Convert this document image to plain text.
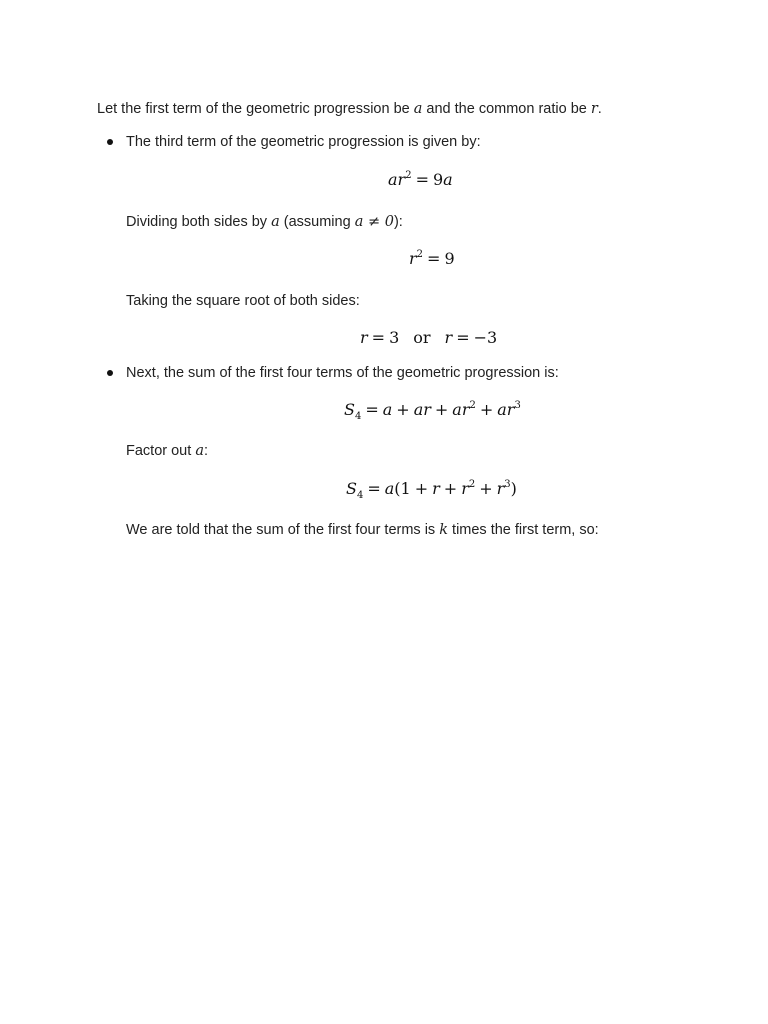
Let the first term of the geometric progression be a and the common ratio be r.
The third term of the geometric progression is given by:
$ar^2 = 9a$
Dividing both sides by a (assuming a ≠ 0):
$r^2 = 9$
Taking the square root of both sides:
r = 3 or r = −3
Next, the sum of the first four terms of the geometric progression is:
$S_4 = a$ + ar + $ar^2 + ar^3$
Factor out a:
$S_4 = a(1 + r + r^2 + r^3)$
We are told that the sum of the first four terms is k times the first term, so:
